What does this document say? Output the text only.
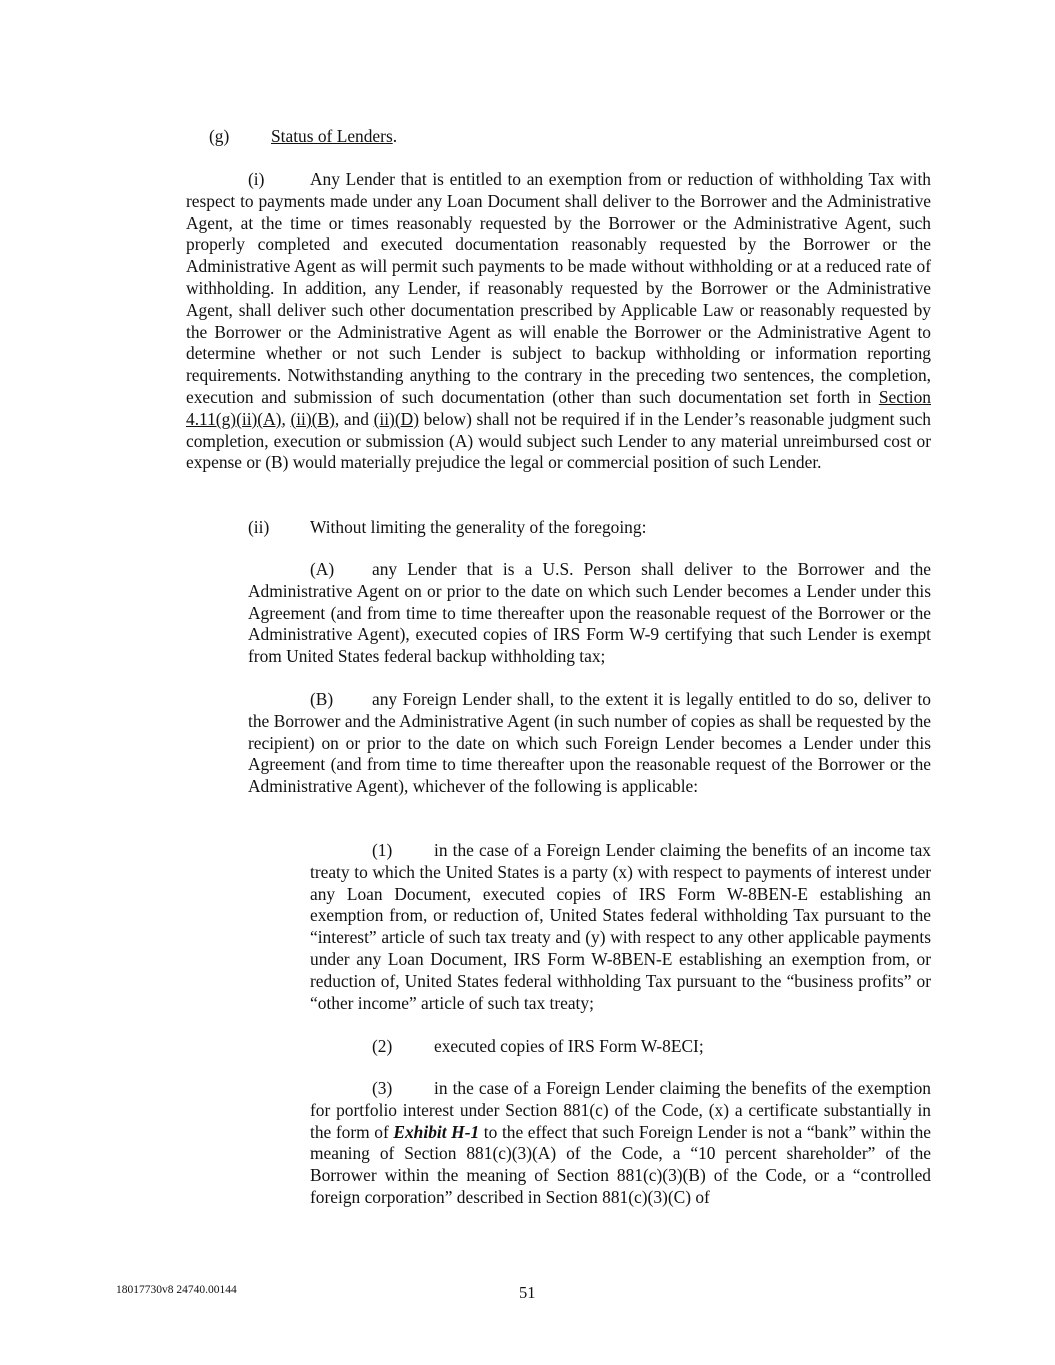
(g) Status of Lenders.
(i)	Any Lender that is entitled to an exemption from or reduction of withholding Tax with respect to payments made under any Loan Document shall deliver to the Borrower and the Administrative Agent, at the time or times reasonably requested by the Borrower or the Administrative Agent, such properly completed and executed documentation reasonably requested by the Borrower or the Administrative Agent as will permit such payments to be made without withholding or at a reduced rate of withholding. In addition, any Lender, if reasonably requested by the Borrower or the Administrative Agent, shall deliver such other documentation prescribed by Applicable Law or reasonably requested by the Borrower or the Administrative Agent as will enable the Borrower or the Administrative Agent to determine whether or not such Lender is subject to backup withholding or information reporting requirements. Notwithstanding anything to the contrary in the preceding two sentences, the completion, execution and submission of such documentation (other than such documentation set forth in Section 4.11(g)(ii)(A), (ii)(B), and (ii)(D) below) shall not be required if in the Lender’s reasonable judgment such completion, execution or submission (A) would subject such Lender to any material unreimbursed cost or expense or (B) would materially prejudice the legal or commercial position of such Lender.
(ii) Without limiting the generality of the foregoing:
(A) any Lender that is a U.S. Person shall deliver to the Borrower and the Administrative Agent on or prior to the date on which such Lender becomes a Lender under this Agreement (and from time to time thereafter upon the reasonable request of the Borrower or the Administrative Agent), executed copies of IRS Form W-9 certifying that such Lender is exempt from United States federal backup withholding tax;
(B) any Foreign Lender shall, to the extent it is legally entitled to do so, deliver to the Borrower and the Administrative Agent (in such number of copies as shall be requested by the recipient) on or prior to the date on which such Foreign Lender becomes a Lender under this Agreement (and from time to time thereafter upon the reasonable request of the Borrower or the Administrative Agent), whichever of the following is applicable:
(1) in the case of a Foreign Lender claiming the benefits of an income tax treaty to which the United States is a party (x) with respect to payments of interest under any Loan Document, executed copies of IRS Form W-8BEN-E establishing an exemption from, or reduction of, United States federal withholding Tax pursuant to the “interest” article of such tax treaty and (y) with respect to any other applicable payments under any Loan Document, IRS Form W-8BEN-E establishing an exemption from, or reduction of, United States federal withholding Tax pursuant to the “business profits” or “other income” article of such tax treaty;
(2) executed copies of IRS Form W-8ECI;
(3) in the case of a Foreign Lender claiming the benefits of the exemption for portfolio interest under Section 881(c) of the Code, (x) a certificate substantially in the form of Exhibit H-1 to the effect that such Foreign Lender is not a “bank” within the meaning of Section 881(c)(3)(A) of the Code, a “10 percent shareholder” of the Borrower within the meaning of Section 881(c)(3)(B) of the Code, or a “controlled foreign corporation” described in Section 881(c)(3)(C) of
18017730v8 24740.00144	51
